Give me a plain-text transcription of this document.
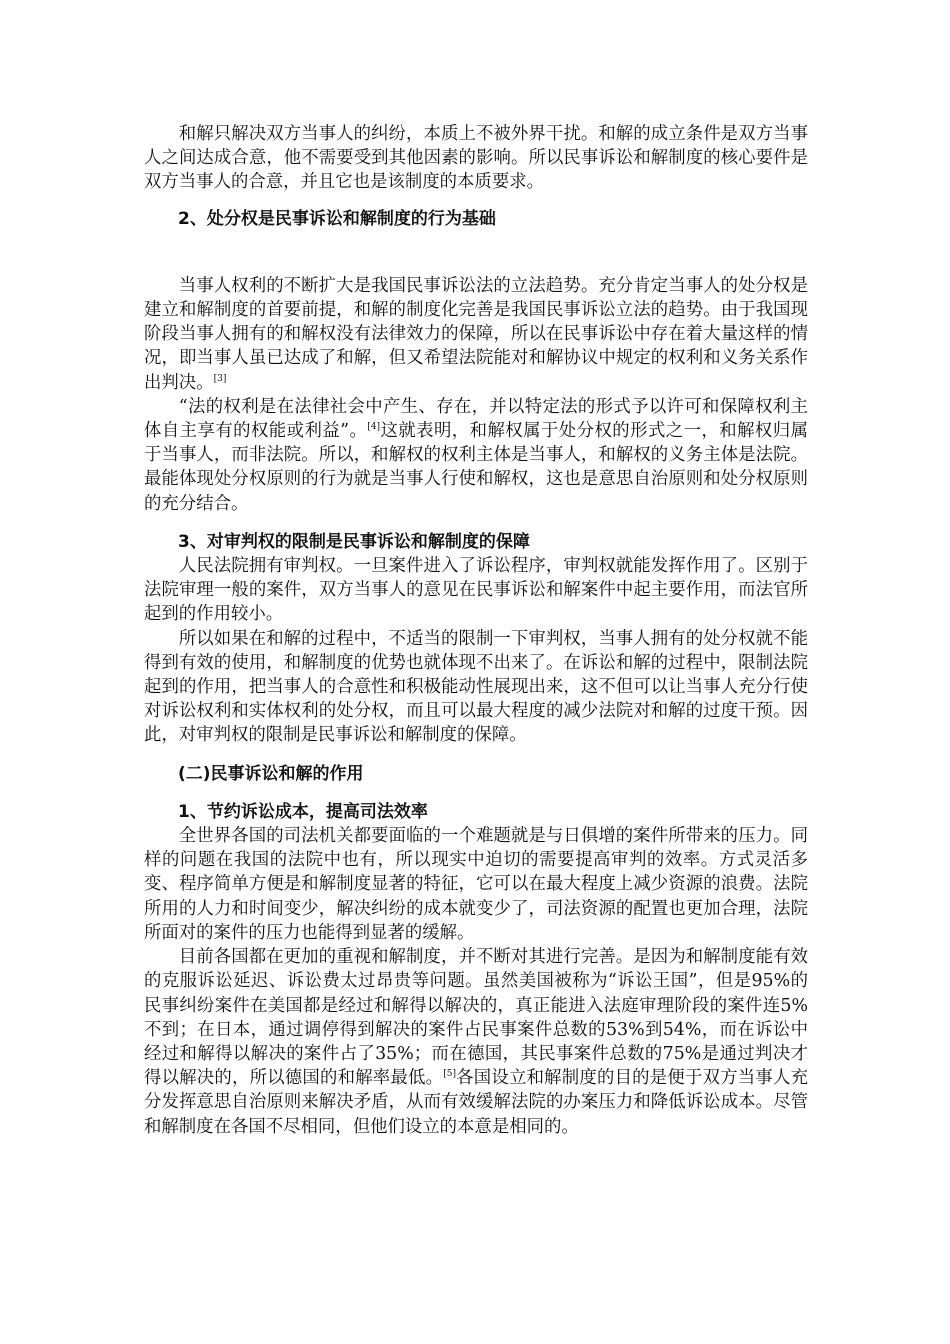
和解只解决双方当事人的纠纷，本质上不被外界干扰。和解的成立条件是双方当事人之间达成合意，他不需要受到其他因素的影响。所以民事诉讼和解制度的核心要件是双方当事人的合意，并且它也是该制度的本质要求。

2、处分权是民事诉讼和解制度的行为基础

当事人权利的不断扩大是我国民事诉讼法的立法趋势。充分肯定当事人的处分权是建立和解制度的首要前提，和解的制度化完善是我国民事诉讼立法的趋势。由于我国现阶段当事人拥有的和解权没有法律效力的保障，所以在民事诉讼中存在着大量这样的情况，即当事人虽已达成了和解，但又希望法院能对和解协议中规定的权利和义务关系作出判决。[3]

“法的权利是在法律社会中产生、存在，并以特定法的形式予以许可和保障权利主体自主享有的权能或利益”。[4]这就表明，和解权属于处分权的形式之一，和解权归属于当事人，而非法院。所以，和解权的权利主体是当事人，和解权的义务主体是法院。最能体现处分权原则的行为就是当事人行使和解权，这也是意思自治原则和处分权原则的充分结合。

3、对审判权的限制是民事诉讼和解制度的保障

人民法院拥有审判权。一旦案件进入了诉讼程序，审判权就能发挥作用了。区别于法院审理一般的案件，双方当事人的意见在民事诉讼和解案件中起主要作用，而法官所起到的作用较小。

所以如果在和解的过程中，不适当的限制一下审判权，当事人拥有的处分权就不能得到有效的使用，和解制度的优势也就体现不出来了。在诉讼和解的过程中，限制法院起到的作用，把当事人的合意性和积极能动性展现出来，这不但可以让当事人充分行使对诉讼权利和实体权利的处分权，而且可以最大程度的减少法院对和解的过度干预。因此，对审判权的限制是民事诉讼和解制度的保障。

(二)民事诉讼和解的作用

1、节约诉讼成本，提高司法效率

全世界各国的司法机关都要面临的一个难题就是与日俱增的案件所带来的压力。同样的问题在我国的法院中也有，所以现实中迫切的需要提高审判的效率。方式灵活多变、程序简单方便是和解制度显著的特征，它可以在最大程度上减少资源的浪费。法院所用的人力和时间变少，解决纠纷的成本就变少了，司法资源的配置也更加合理，法院所面对的案件的压力也能得到显著的缓解。

目前各国都在更加的重视和解制度，并不断对其进行完善。是因为和解制度能有效的克服诉讼延迟、诉讼费太过昂贵等问题。虽然美国被称为“诉讼王国”，但是95%的民事纠纷案件在美国都是经过和解得以解决的，真正能进入法庭审理阶段的案件连5%不到；在日本，通过调停得到解决的案件占民事案件总数的53%到54%，而在诉讼中经过和解得以解决的案件占了35%；而在德国，其民事案件总数的75%是通过判决才得以解决的，所以德国的和解率最低。[5]各国设立和解制度的目的是便于双方当事人充分发挥意思自治原则来解决矛盾，从而有效缓解法院的办案压力和降低诉讼成本。尽管和解制度在各国不尽相同，但他们设立的本意是相同的。
